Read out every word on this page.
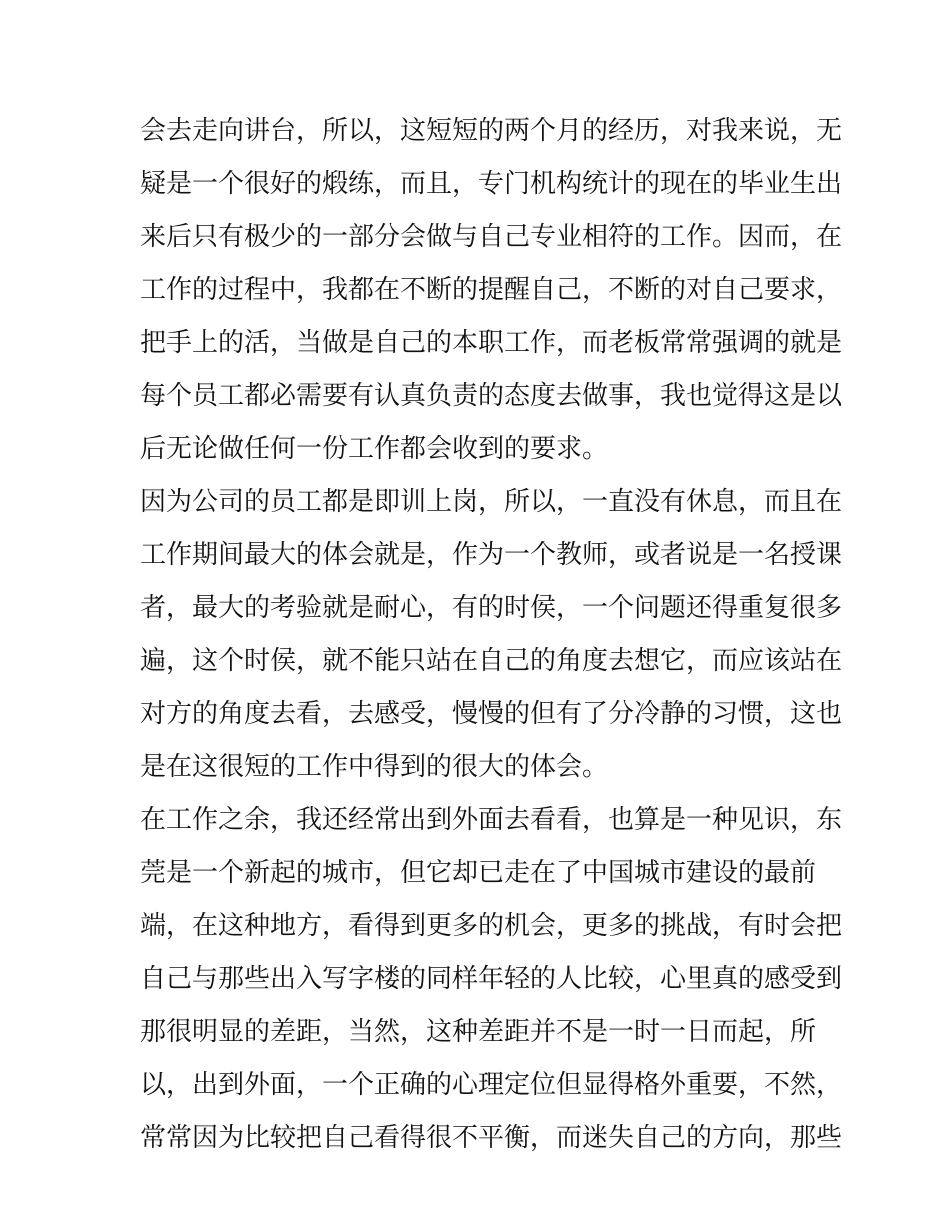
会去走向讲台，所以，这短短的两个月的经历，对我来说，无
疑是一个很好的煅练，而且，专门机构统计的现在的毕业生出
来后只有极少的一部分会做与自己专业相符的工作。因而，在
工作的过程中，我都在不断的提醒自己，不断的对自己要求，
把手上的活，当做是自己的本职工作，而老板常常强调的就是
每个员工都必需要有认真负责的态度去做事，我也觉得这是以
后无论做任何一份工作都会收到的要求。
因为公司的员工都是即训上岗，所以，一直没有休息，而且在
工作期间最大的体会就是，作为一个教师，或者说是一名授课
者，最大的考验就是耐心，有的时侯，一个问题还得重复很多
遍，这个时侯，就不能只站在自己的角度去想它，而应该站在
对方的角度去看，去感受，慢慢的但有了分冷静的习惯，这也
是在这很短的工作中得到的很大的体会。
在工作之余，我还经常出到外面去看看，也算是一种见识，东
莞是一个新起的城市，但它却已走在了中国城市建设的最前
端，在这种地方，看得到更多的机会，更多的挑战，有时会把
自己与那些出入写字楼的同样年轻的人比较，心里真的感受到
那很明显的差距，当然，这种差距并不是一时一日而起，所
以，出到外面，一个正确的心理定位但显得格外重要，不然，
常常因为比较把自己看得很不平衡，而迷失自己的方向，那些
